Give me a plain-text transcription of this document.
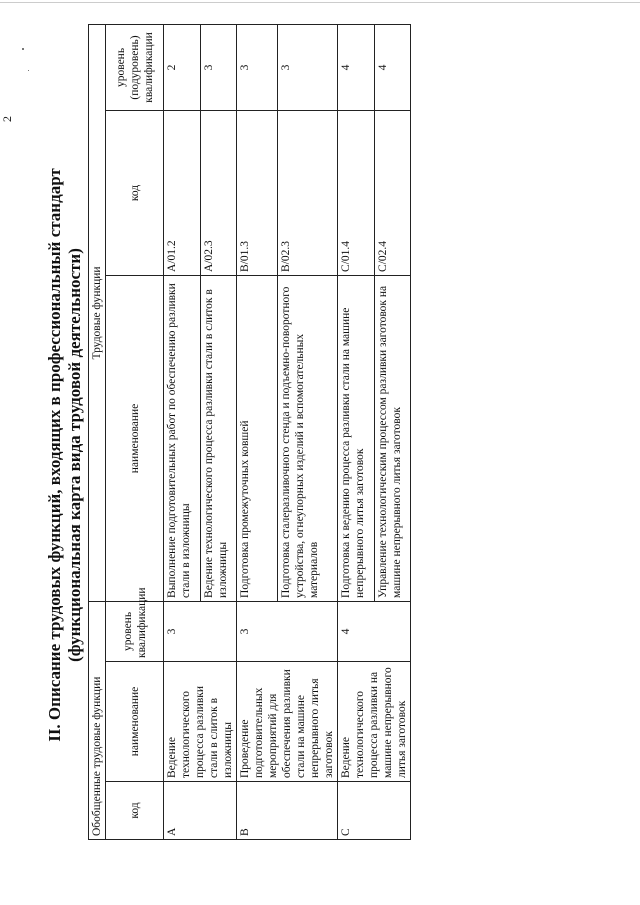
2
II. Описание трудовых функций, входящих в профессиональный стандарт (функциональная карта вида трудовой деятельности)
Обобщенные трудовые функции			Трудовые функции		
код	наименование	уровень квалификации	наименование	код	уровень (подуровень) квалификации
A	Ведение технологического процесса разливки стали в слиток в изложницы	3	Выполнение подготовительных работ по обеспечению разливки стали в изложницы	A/01.2	2
			Ведение технологического процесса разливки стали в слиток в изложницы	A/02.3	3
B	Проведение подготовительных мероприятий для обеспечения разливки стали на машине непрерывного литья заготовок	3	Подготовка промежуточных ковшей	B/01.3	3
			Подготовка сталеразливочного стенда и подъемно-поворотного устройства, огнеупорных изделий и вспомогательных материалов	B/02.3	3
C	Ведение технологического процесса разливки на машине непрерывного литья заготовок	4	Подготовка к ведению процесса разливки стали на машине непрерывного литья заготовок	C/01.4	4
			Управление технологическим процессом разливки заготовок на машине непрерывного литья заготовок	C/02.4	4
